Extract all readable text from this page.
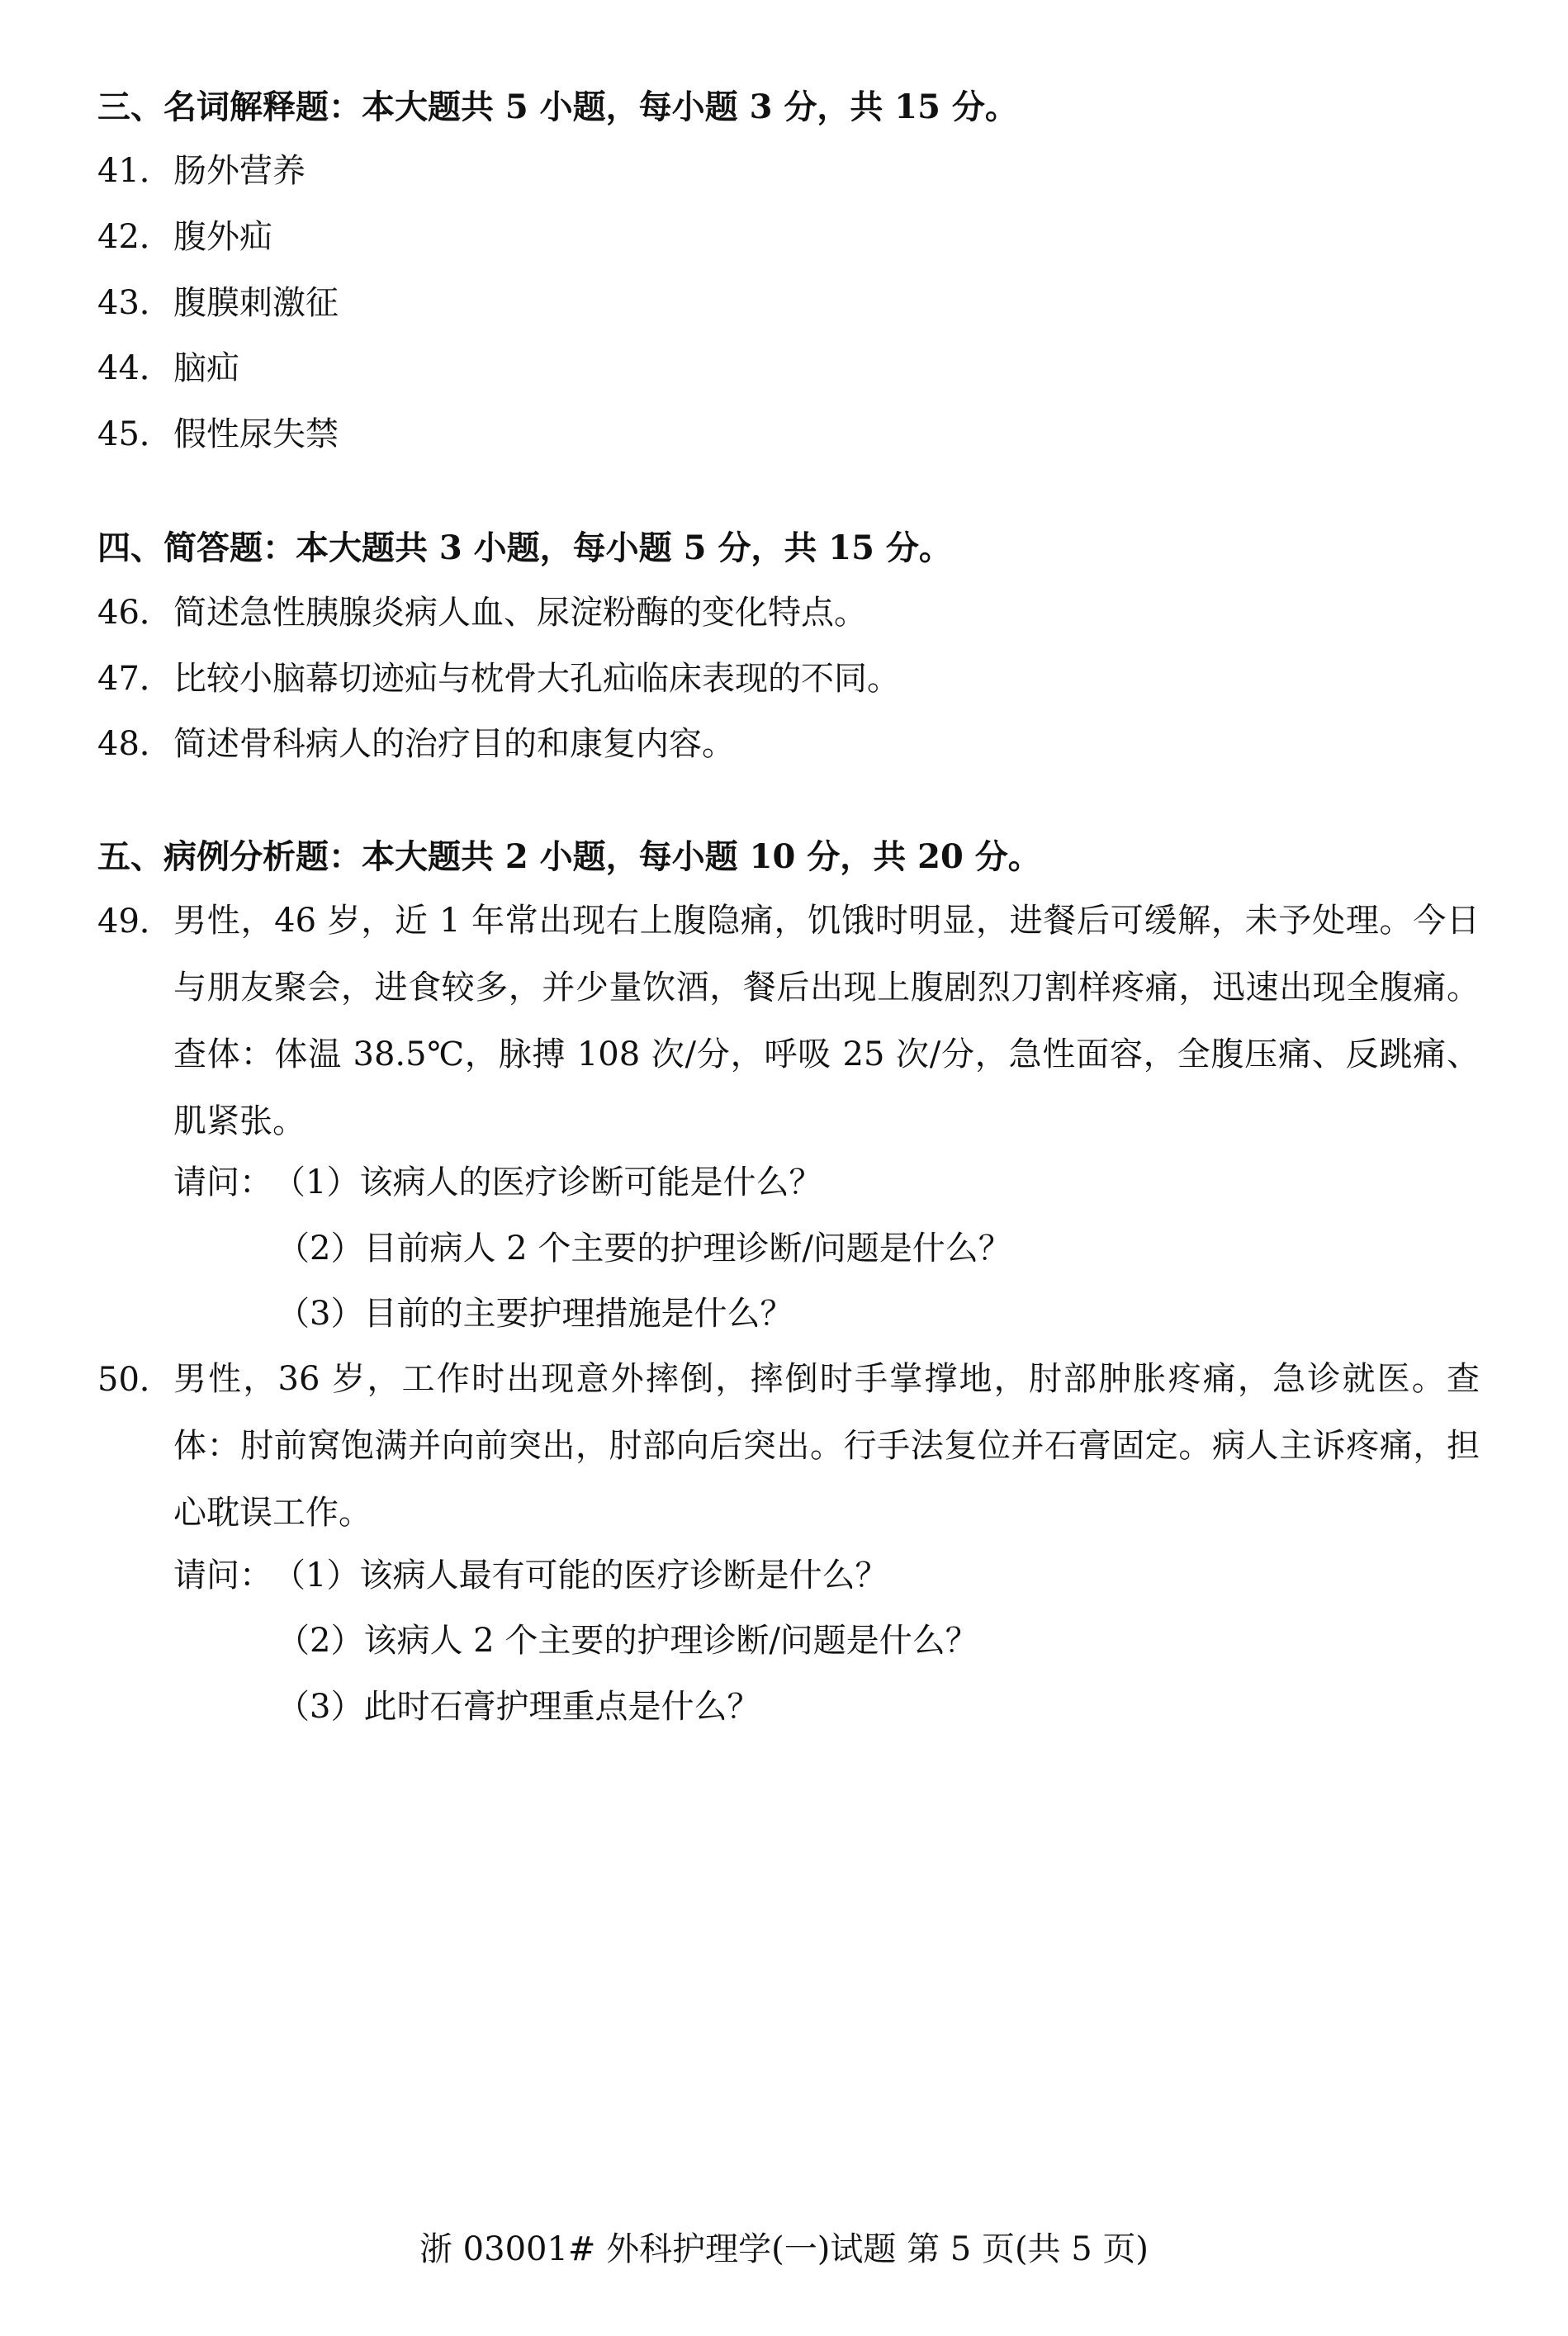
三、名词解释题：本大题共 5 小题，每小题 3 分，共 15 分。
41． 肠外营养
42． 腹外疝
43． 腹膜刺激征
44． 脑疝
45． 假性尿失禁
四、简答题：本大题共 3 小题，每小题 5 分，共 15 分。
46． 简述急性胰腺炎病人血、尿淀粉酶的变化特点。
47． 比较小脑幕切迹疝与枕骨大孔疝临床表现的不同。
48． 简述骨科病人的治疗目的和康复内容。
五、病例分析题：本大题共 2 小题，每小题 10 分，共 20 分。
49． 男性，46 岁，近 1 年常出现右上腹隐痛，饥饿时明显，进餐后可缓解，未予处理。今日与朋友聚会，进食较多，并少量饮酒，餐后出现上腹剧烈刀割样疼痛，迅速出现全腹痛。查体：体温 38.5℃，脉搏 108 次/分，呼吸 25 次/分，急性面容，全腹压痛、反跳痛、肌紧张。
请问： （1）该病人的医疗诊断可能是什么？
（2）目前病人 2 个主要的护理诊断/问题是什么？
（3）目前的主要护理措施是什么？
50． 男性，36 岁，工作时出现意外摔倒，摔倒时手掌撑地，肘部肿胀疼痛，急诊就医。查体：肘前窝饱满并向前突出，肘部向后突出。行手法复位并石膏固定。病人主诉疼痛，担心耽误工作。
请问： （1）该病人最有可能的医疗诊断是什么？
（2）该病人 2 个主要的护理诊断/问题是什么？
（3）此时石膏护理重点是什么？
浙 03001# 外科护理学(一)试题 第 5 页(共 5 页)
